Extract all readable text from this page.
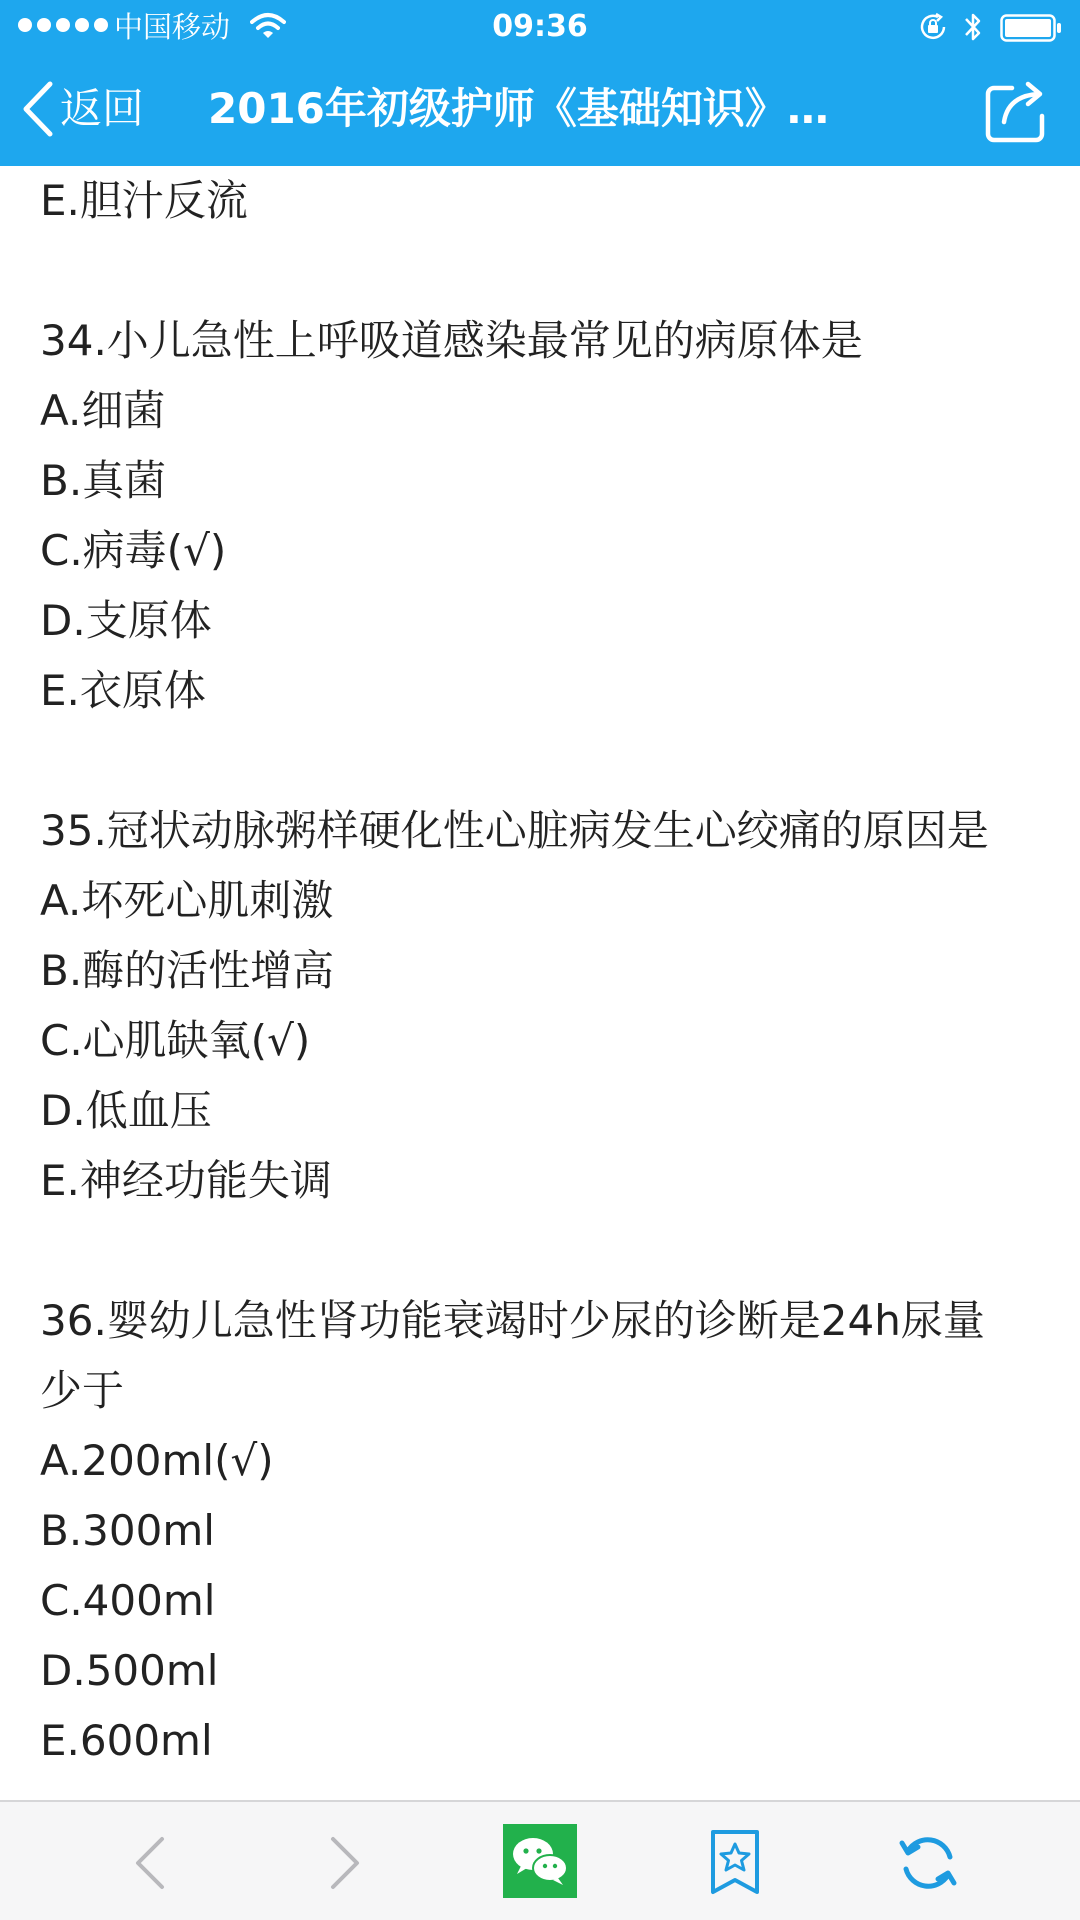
中国移动	09:36
返回 2016年初级护师《基础知识》…
E.胆汁反流
34.小儿急性上呼吸道感染最常见的病原体是
A.细菌
B.真菌
C.病毒(√)
D.支原体
E.衣原体
35.冠状动脉粥样硬化性心脏病发生心绞痛的原因是
A.坏死心肌刺激
B.酶的活性增高
C.心肌缺氧(√)
D.低血压
E.神经功能失调
36.婴幼儿急性肾功能衰竭时少尿的诊断是24h尿量
少于
A.200ml(√)
B.300ml
C.400ml
D.500ml
E.600ml
